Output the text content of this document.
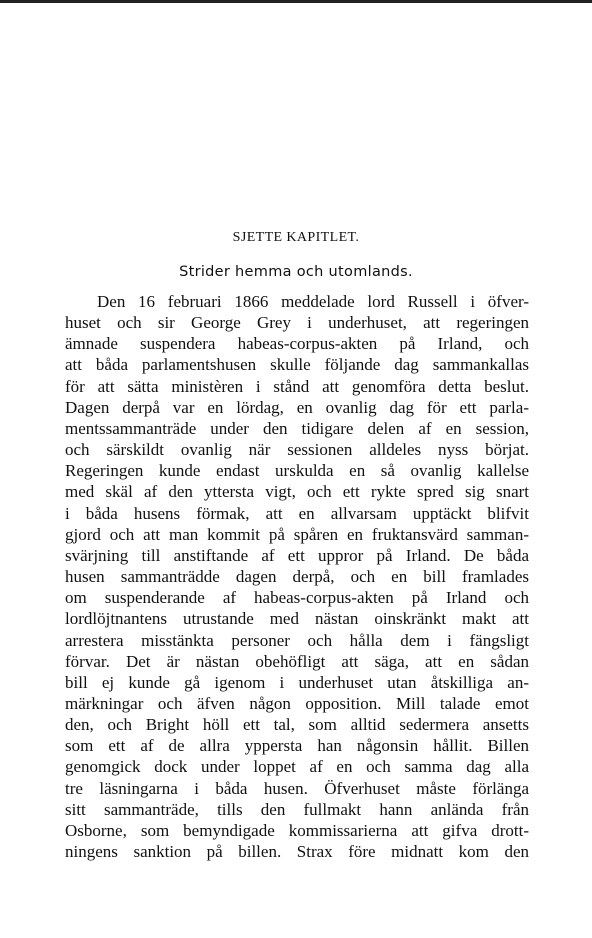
SJETTE KAPITLET.
Strider hemma och utomlands.
Den 16 februari 1866 meddelade lord Russell i öfver-
huset och sir George Grey i underhuset, att regeringen
ämnade suspendera habeas-corpus-akten på Irland, och
att båda parlamentshusen skulle följande dag sammankallas
för att sätta ministèren i stånd att genomföra detta beslut.
Dagen derpå var en lördag, en ovanlig dag för ett parla-
mentssammanträde under den tidigare delen af en session,
och särskildt ovanlig när sessionen alldeles nyss börjat.
Regeringen kunde endast urskulda en så ovanlig kallelse
med skäl af den yttersta vigt, och ett rykte spred sig snart
i båda husens förmak, att en allvarsam upptäckt blifvit
gjord och att man kommit på spåren en fruktansvärd samman-
svärjning till anstiftande af ett uppror på Irland. De båda
husen sammanträdde dagen derpå, och en bill framlades
om suspenderande af habeas-corpus-akten på Irland och
lordlöjtnantens utrustande med nästan oinskränkt makt att
arrestera misstänkta personer och hålla dem i fängsligt
förvar. Det är nästan obehöfligt att säga, att en sådan
bill ej kunde gå igenom i underhuset utan åtskilliga an-
märkningar och äfven någon opposition. Mill talade emot
den, och Bright höll ett tal, som alltid sedermera ansetts
som ett af de allra yppersta han någonsin hållit. Billen
genomgick dock under loppet af en och samma dag alla
tre läsningarna i båda husen. Öfverhuset måste förlänga
sitt sammanträde, tills den fullmakt hann anlända från
Osborne, som bemyndigade kommissarierna att gifva drott-
ningens sanktion på billen. Strax före midnatt kom den
